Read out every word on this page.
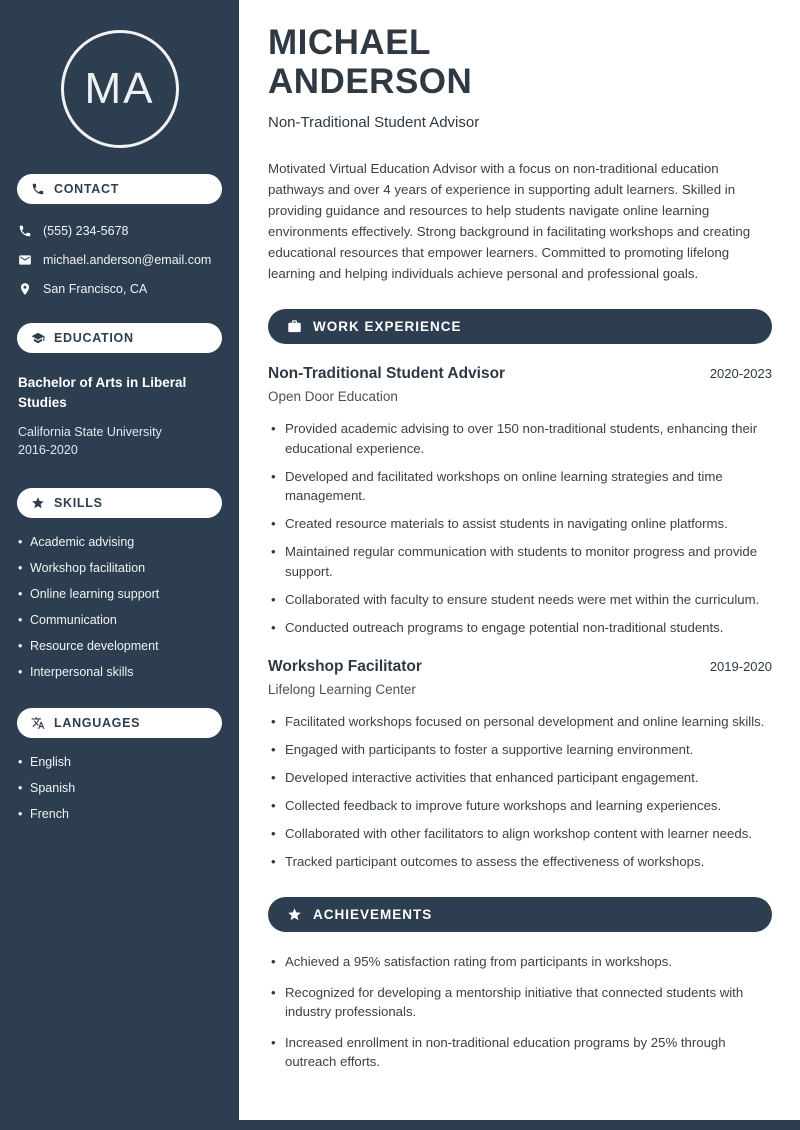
MA
CONTACT
(555) 234-5678
michael.anderson@email.com
San Francisco, CA
EDUCATION
Bachelor of Arts in Liberal Studies
California State University
2016-2020
SKILLS
• Academic advising
• Workshop facilitation
• Online learning support
• Communication
• Resource development
• Interpersonal skills
LANGUAGES
• English
• Spanish
• French
MICHAEL
ANDERSON
Non-Traditional Student Advisor

Motivated Virtual Education Advisor with a focus on non-traditional education pathways and over 4 years of experience in supporting adult learners. Skilled in providing guidance and resources to help students navigate online learning environments effectively. Strong background in facilitating workshops and creating educational resources that empower learners. Committed to promoting lifelong learning and helping individuals achieve personal and professional goals.

WORK EXPERIENCE
Non-Traditional Student Advisor	2020-2023
Open Door Education
• Provided academic advising to over 150 non-traditional students, enhancing their educational experience.
• Developed and facilitated workshops on online learning strategies and time management.
• Created resource materials to assist students in navigating online platforms.
• Maintained regular communication with students to monitor progress and provide support.
• Collaborated with faculty to ensure student needs were met within the curriculum.
• Conducted outreach programs to engage potential non-traditional students.
Workshop Facilitator	2019-2020
Lifelong Learning Center
• Facilitated workshops focused on personal development and online learning skills.
• Engaged with participants to foster a supportive learning environment.
• Developed interactive activities that enhanced participant engagement.
• Collected feedback to improve future workshops and learning experiences.
• Collaborated with other facilitators to align workshop content with learner needs.
• Tracked participant outcomes to assess the effectiveness of workshops.
ACHIEVEMENTS
• Achieved a 95% satisfaction rating from participants in workshops.
• Recognized for developing a mentorship initiative that connected students with industry professionals.
• Increased enrollment in non-traditional education programs by 25% through outreach efforts.
